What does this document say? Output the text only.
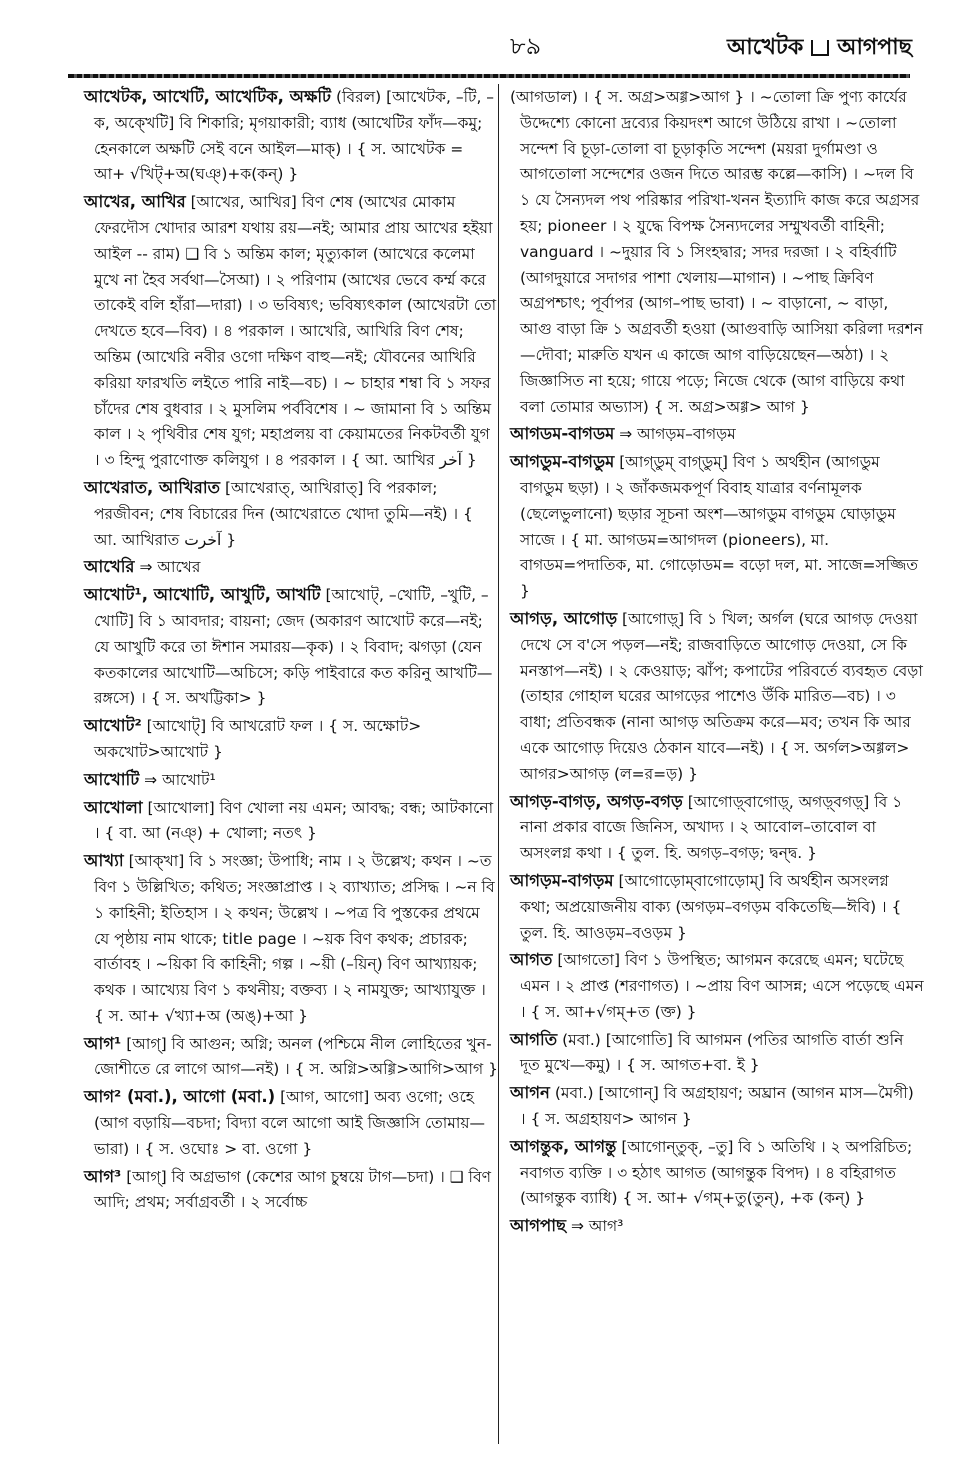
৮৯	আখেটক আগপাছ
আখেটক, আখেটি, আখেটিক, অক্ষটি (বিরল) [আখেটক, –টি, –ক, অক্খেটি] বি শিকারি; মৃগয়াকারী; ব্যাধ (আখেটির ফাঁদ—কমু; হেনকালে অক্ষটি সেই বনে আইল—মাক্) । { স. আখেটক = আ+ √খিট্+অ(ঘঞ্)+ক(কন্) }
আখের, আখির [আখের, আখির] বিণ শেষ (আখের মোকাম ফেরদৌস খোদার আরশ যথায় রয়—নই; আমার প্রায় আখের হইয়া আইল -- রাম) ❑ বি ১ অন্তিম কাল; মৃত্যুকাল (আখেরে কলেমা মুখে না হৈব সর্বথা—সৈআ) । ২ পরিণাম (আখের ভেবে কর্ম্ম করে তাকেই বলি হাঁরা—দারা) । ৩ ভবিষ্যৎ; ভবিষ্যৎকাল (আখেরটা তো দেখতে হবে—বিব) । ৪ পরকাল । আখেরি, আখিরি বিণ শেষ; অন্তিম (আখেরি নবীর ওগো দক্ষিণ বাহু—নই; যৌবনের আখিরি করিয়া ফারখতি লইতে পারি নাই—বচ) । ~ চাহার শম্বা বি ১ সফর চাঁদের শেষ বুধবার । ২ মুসলিম পর্ববিশেষ । ~ জামানা বি ১ অন্তিম কাল । ২ পৃথিবীর শেষ যুগ; মহাপ্রলয় বা কেয়ামতের নিকটবর্তী যুগ । ৩ হিন্দু পুরাণোক্ত কলিযুগ । ৪ পরকাল । { আ. আখির آخر }
আখেরাত, আখিরাত [আখেরাত্, আখিরাত্] বি পরকাল; পরজীবন; শেষ বিচারের দিন (আখেরাতে খোদা তুমি—নই) । { আ. আখিরাত آخرت }
আখেরি ⇒ আখের
আখোট¹, আখোটি, আখুটি, আখটি [আখোট্, –খোটি, –খুটি, –খোটি] বি ১ আবদার; বায়না; জেদ (অকারণ আখোট করে—নই; যে আখুটি করে তা ঈশান সমারয়—কৃক) । ২ বিবাদ; ঝগড়া (যেন কতকালের আখোটি—অচিসে; কড়ি পাইবারে কত করিনু আখটি—রঙ্গসে) । { স. অখট্টিকা> }
আখোট² [আখোট্] বি আখরোট ফল । { স. অক্ষোট> অকখোট>আখোট }
আখোটি ⇒ আখোট¹
আখোলা [আখোলা] বিণ খোলা নয় এমন; আবদ্ধ; বন্ধ; আটকানো । { বা. আ (নঞ্) + খোলা; নতৎ }
আখ্যা [আক্খা] বি ১ সংজ্ঞা; উপাধি; নাম । ২ উল্লেখ; কথন । ~ত বিণ ১ উল্লিখিত; কথিত; সংজ্ঞাপ্রাপ্ত । ২ ব্যাখ্যাত; প্রসিদ্ধ । ~ন বি ১ কাহিনী; ইতিহাস । ২ কথন; উল্লেখ । ~পত্র বি পুস্তকের প্রথমে যে পৃষ্ঠায় নাম থাকে; title page । ~য়ক বিণ কথক; প্রচারক; বার্তাবহ । ~য়িকা বি কাহিনী; গল্প । ~য়ী (–য়িন্) বিণ আখ্যায়ক; কথক । আখ্যেয় বিণ ১ কথনীয়; বক্তব্য । ২ নামযুক্ত; আখ্যাযুক্ত । { স. আ+ √খ্যা+অ (অঙ্)+আ }
আগ¹ [আগ্] বি আগুন; অগ্নি; অনল (পশ্চিমে নীল লোহিতের খুন-জোশীতে রে লাগে আগ—নই) । { স. অগ্নি>অগ্গি>আগি>আগ }
আগ² (মবা.), আগো (মবা.) [আগ, আগো] অব্য ওগো; ওহে (আগ বড়ায়ি—বচদা; বিদ্যা বলে আগো আই জিজ্ঞাসি তোমায়—ভারা) । { স. ওঘোঃ > বা. ওগো }
আগ³ [আগ্] বি অগ্রভাগ (কেশের আগ চুম্বয়ে টাগ—চদা) । ❑ বিণ আদি; প্রথম; সর্বাগ্রবর্তী । ২ সর্বোচ্চ
(আগডাল) । { স. অগ্র>অগ্গ>আগ } । ~তোলা ক্রি পুণ্য কার্যের উদ্দেশ্যে কোনো দ্রব্যের কিয়দংশ আগে উঠিয়ে রাখা । ~তোলা সন্দেশ বি চূড়া-তোলা বা চূড়াকৃতি সন্দেশ (ময়রা দুর্গামণ্ডা ও আগতোলা সন্দেশের ওজন দিতে আরম্ভ কল্লে—কাসি) । ~দল বি ১ যে সৈন্যদল পথ পরিষ্কার পরিখা-খনন ইত্যাদি কাজ করে অগ্রসর হয়; pioneer । ২ যুদ্ধে বিপক্ষ সৈন্যদলের সম্মুখবর্তী বাহিনী; vanguard । ~দুয়ার বি ১ সিংহদ্বার; সদর দরজা । ২ বহির্বাটি (আগদুয়ারে সদাগর পাশা খেলায়—মাগান) । ~পাছ ক্রিবিণ অগ্রপশ্চাৎ; পূর্বাপর (আগ–পাছ ভাবা) । ~ বাড়ানো, ~ বাড়া, আগু বাড়া ক্রি ১ অগ্রবর্তী হওয়া (আগুবাড়ি আসিয়া করিলা দরশন—দৌবা; মারুতি যখন এ কাজে আগ বাড়িয়েছেন—অঠা) । ২ জিজ্ঞাসিত না হয়ে; গায়ে পড়ে; নিজে থেকে (আগ বাড়িয়ে কথা বলা তোমার অভ্যাস) { স. অগ্র>অগ্গ> আগ }
আগডম-বাগডম ⇒ আগড়ম–বাগড়ম
আগডুম-বাগডুম [আগ্‌ডুম্ বাগ্‌ডুম্] বিণ ১ অর্থহীন (আগডুম বাগডুম ছড়া) । ২ জাঁকজমকপূর্ণ বিবাহ যাত্রার বর্ণনামূলক (ছেলেভুলানো) ছড়ার সূচনা অংশ—আগডুম বাগডুম ঘোড়াডুম সাজে । { মা. আগডম=আগদল (pioneers), মা. বাগডম=পদাতিক, মা. গোড়োডম= বড়ো দল, মা. সাজে=সজ্জিত }
আগড়, আগোড় [আগোড়্] বি ১ খিল; অর্গল (ঘরে আগড় দেওয়া দেখে সে ব'সে পড়ল—নই; রাজবাড়িতে আগোড় দেওয়া, সে কি মনস্তাপ—নই) । ২ কেওয়াড়; ঝাঁপ; কপাটের পরিবর্তে ব্যবহৃত বেড়া (তাহার গোহাল ঘরের আগড়ের পাশেও উঁকি মারিত—বচ) । ৩ বাধা; প্রতিবন্ধক (নানা আগড় অতিক্রম করে—মব; তখন কি আর একে আগোড় দিয়েও ঠেকান যাবে—নই) । { স. অর্গল>অগ্গল> আগর>আগড় (ল=র=ড়) }
আগড়-বাগড়, অগড়-বগড় [আগোড়্‌বাগোড়্, অগড়্‌বগড়্] বি ১ নানা প্রকার বাজে জিনিস, অখাদ্য । ২ আবোল–তাবোল বা অসংলগ্ন কথা । { তুল. হি. অগড়–বগড়; দ্বন্দ্ব. }
আগড়ম-বাগড়ম [আগোড়োম্‌বাগোড়োম্] বি অর্থহীন অসংলগ্ন কথা; অপ্রয়োজনীয় বাক্য (অগড়ম–বগড়ম বকিতেছি—ঈবি) । { তুল. হি. আওড়ম–বওড়ম }
আগত [আগতো] বিণ ১ উপস্থিত; আগমন করেছে এমন; ঘটেছে এমন । ২ প্রাপ্ত (শরণাগত) । ~প্রায় বিণ আসন্ন; এসে পড়েছে এমন । { স. আ+√গম্+ত (ক্ত) }
আগতি (মবা.) [আগোতি] বি আগমন (পতির আগতি বার্তা শুনি দূত মুখে—কমু) । { স. আগত+বা. ই }
আগন (মবা.) [আগোন্] বি অগ্রহায়ণ; অঘ্রান (আগন মাস—মৈগী) । { স. অগ্রহায়ণ> আগন }
আগন্তুক, আগন্তু [আগোন্‌তুক্, –তু] বি ১ অতিথি । ২ অপরিচিত; নবাগত ব্যক্তি । ৩ হঠাৎ আগত (আগন্তুক বিপদ) । ৪ বহিরাগত (আগন্তুক ব্যাধি) { স. আ+ √গম্+তু(তুন্), +ক (কন্) }
আগপাছ ⇒ আগ³
